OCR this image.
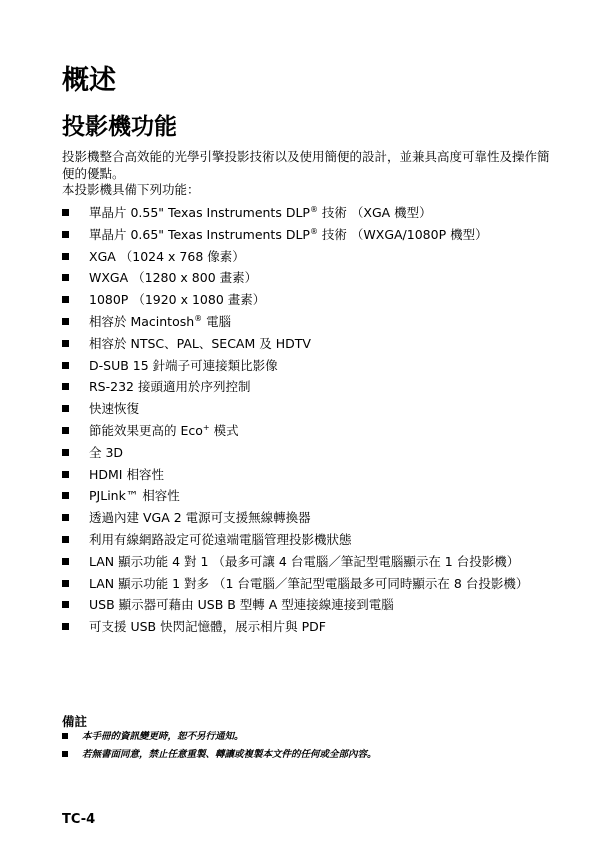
概述
投影機功能

投影機整合高效能的光學引擎投影技術以及使用簡便的設計，並兼具高度可靠性及操作簡便的優點。

本投影機具備下列功能：

單晶片 0.55" Texas Instruments DLP® 技術 （XGA 機型）
單晶片 0.65" Texas Instruments DLP® 技術 （WXGA/1080P 機型）
XGA （1024 x 768 像素）
WXGA （1280 x 800 畫素）
1080P （1920 x 1080 畫素）
相容於 Macintosh® 電腦
相容於 NTSC、PAL、SECAM 及 HDTV
D-SUB 15 針端子可連接類比影像
RS-232 接頭適用於序列控制
快速恢復
節能效果更高的 Eco+ 模式
全 3D
HDMI 相容性
PJLink™ 相容性
透過內建 VGA 2 電源可支援無線轉換器
利用有線網路設定可從遠端電腦管理投影機狀態
LAN 顯示功能 4 對 1 （最多可讓 4 台電腦／筆記型電腦顯示在 1 台投影機）
LAN 顯示功能 1 對多 （1 台電腦／筆記型電腦最多可同時顯示在 8 台投影機）
USB 顯示器可藉由 USB B 型轉 A 型連接線連接到電腦
可支援 USB 快閃記憶體，展示相片與 PDF
備註
本手冊的資訊變更時，恕不另行通知。
若無書面同意，禁止任意重製、轉讓或複製本文件的任何或全部內容。
TC-4
